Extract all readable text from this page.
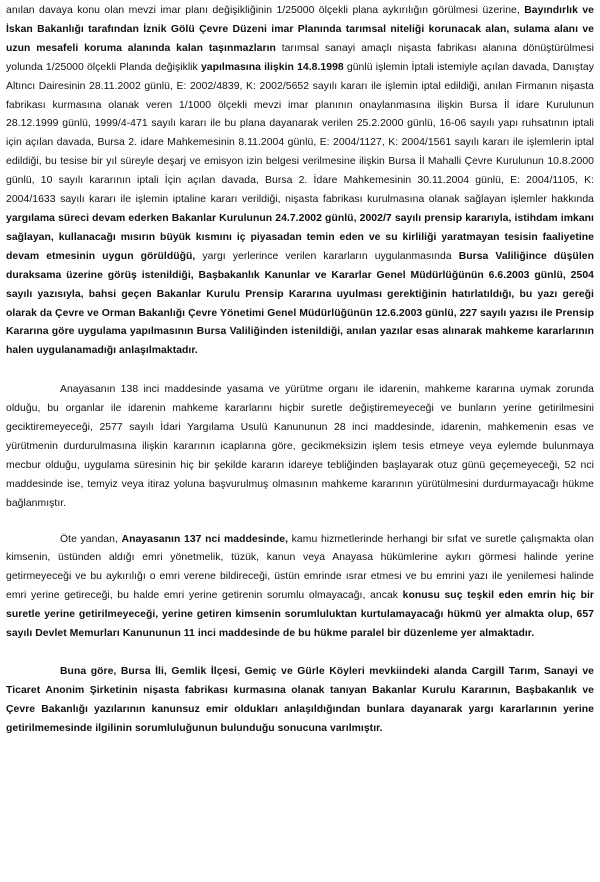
anılan davaya konu olan mevzi imar planı değişikliğinin 1/25000 ölçekli plana aykırılığın görülmesi üzerine, Bayındırlık ve İskan Bakanlığı tarafından İznik Gölü Çevre Düzeni imar Planında tarımsal niteliği korunacak alan, sulama alanı ve uzun mesafeli koruma alanında kalan taşınmazların tarımsal sanayi amaçlı nişasta fabrikası alanına dönüştürülmesi yolunda 1/25000 ölçekli Planda değişiklik yapılmasına ilişkin 14.8.1998 günlü işlemin İptali istemiyle açılan davada, Danıştay Altıncı Dairesinin 28.11.2002 günlü, E: 2002/4839, K: 2002/5652 sayılı kararı ile işlemin iptal edildiği, anılan Firmanın nişasta fabrikası kurmasına olanak veren 1/1000 ölçekli mevzi imar planının onaylanmasına ilişkin Bursa İl idare Kurulunun 28.12.1999 günlü, 1999/4-471 sayılı kararı ile bu plana dayanarak verilen 25.2.2000 günlü, 16-06 sayılı yapı ruhsatının iptali için açılan davada, Bursa 2. idare Mahkemesinin 8.11.2004 günlü, E: 2004/1127, K: 2004/1561 sayılı kararı ile işlemlerin iptal edildiği, bu tesise bir yıl süreyle deşarj ve emisyon izin belgesi verilmesine ilişkin Bursa İl Mahalli Çevre Kurulunun 10.8.2000 günlü, 10 sayılı kararının iptali İçin açılan davada, Bursa 2. İdare Mahkemesinin 30.11.2004 günlü, E: 2004/1105, K: 2004/1633 sayılı kararı ile işlemin iptaline kararı verildiği, nişasta fabrikası kurulmasına olanak sağlayan işlemler hakkında yargılama süreci devam ederken Bakanlar Kurulunun 24.7.2002 günlü, 2002/7 sayılı prensip kararıyla, istihdam imkanı sağlayan, kullanacağı mısırın büyük kısmını iç piyasadan temin eden ve su kirliliği yaratmayan tesisin faaliyetine devam etmesinin uygun görüldüğü, yargı yerlerince verilen kararların uygulanmasında Bursa Valiliğince düşülen duraksama üzerine görüş istenildiği, Başbakanlık Kanunlar ve Kararlar Genel Müdürlüğünün 6.6.2003 günlü, 2504 sayılı yazısıyla, bahsi geçen Bakanlar Kurulu Prensip Kararına uyulması gerektiğinin hatırlatıldığı, bu yazı gereği olarak da Çevre ve Orman Bakanlığı Çevre Yönetimi Genel Müdürlüğünün 12.6.2003 günlü, 227 sayılı yazısı ile Prensip Kararına göre uygulama yapılmasının Bursa Valiliğinden istenildiği, anılan yazılar esas alınarak mahkeme kararlarının halen uygulanamadığı anlaşılmaktadır.

Anayasanın 138 inci maddesinde yasama ve yürütme organı ile idarenin, mahkeme kararına uymak zorunda olduğu, bu organlar ile idarenin mahkeme kararlarını hiçbir suretle değiştiremeyeceği ve bunların yerine getirilmesini geciktiremeyeceği, 2577 sayılı İdari Yargılama Usulü Kanununun 28 inci maddesinde, idarenin, mahkemenin esas ve yürütmenin durdurulmasına ilişkin kararının icaplarına göre, gecikmeksizin işlem tesis etmeye veya eylemde bulunmaya mecbur olduğu, uygulama süresinin hiç bir şekilde kararın idareye tebliğinden başlayarak otuz günü geçemeyeceği, 52 nci maddesinde ise, temyiz veya itiraz yoluna başvurulmuş olmasının mahkeme kararının yürütülmesini durdurmayacağı hükme bağlanmıştır.

Öte yandan, Anayasanın 137 nci maddesinde, kamu hizmetlerinde herhangi bir sıfat ve suretle çalışmakta olan kimsenin, üstünden aldığı emri yönetmelik, tüzük, kanun veya Anayasa hükümlerine aykırı görmesi halinde yerine getirmeyeceği ve bu aykırılığı o emri verene bildireceği, üstün emrinde ısrar etmesi ve bu emrini yazı ile yenilemesi halinde emri yerine getireceği, bu halde emri yerine getirenin sorumlu olmayacağı, ancak konusu suç teşkil eden emrin hiç bir suretle yerine getirilmeyeceği, yerine getiren kimsenin sorumluluktan kurtulamayacağı hükmü yer almakta olup, 657 sayılı Devlet Memurları Kanununun 11 inci maddesinde de bu hükme paralel bir düzenleme yer almaktadır.

Buna göre, Bursa İli, Gemlik İlçesi, Gemiç ve Gürle Köyleri mevkiindeki alanda Cargill Tarım, Sanayi ve Ticaret Anonim Şirketinin nişasta fabrikası kurmasına olanak tanıyan Bakanlar Kurulu Kararının, Başbakanlık ve Çevre Bakanlığı yazılarının kanunsuz emir oldukları anlaşıldığından bunlara dayanarak yargı kararlarının yerine getirilmemesinde ilgilinin sorumluluğunun bulunduğu sonucuna varılmıştır.
